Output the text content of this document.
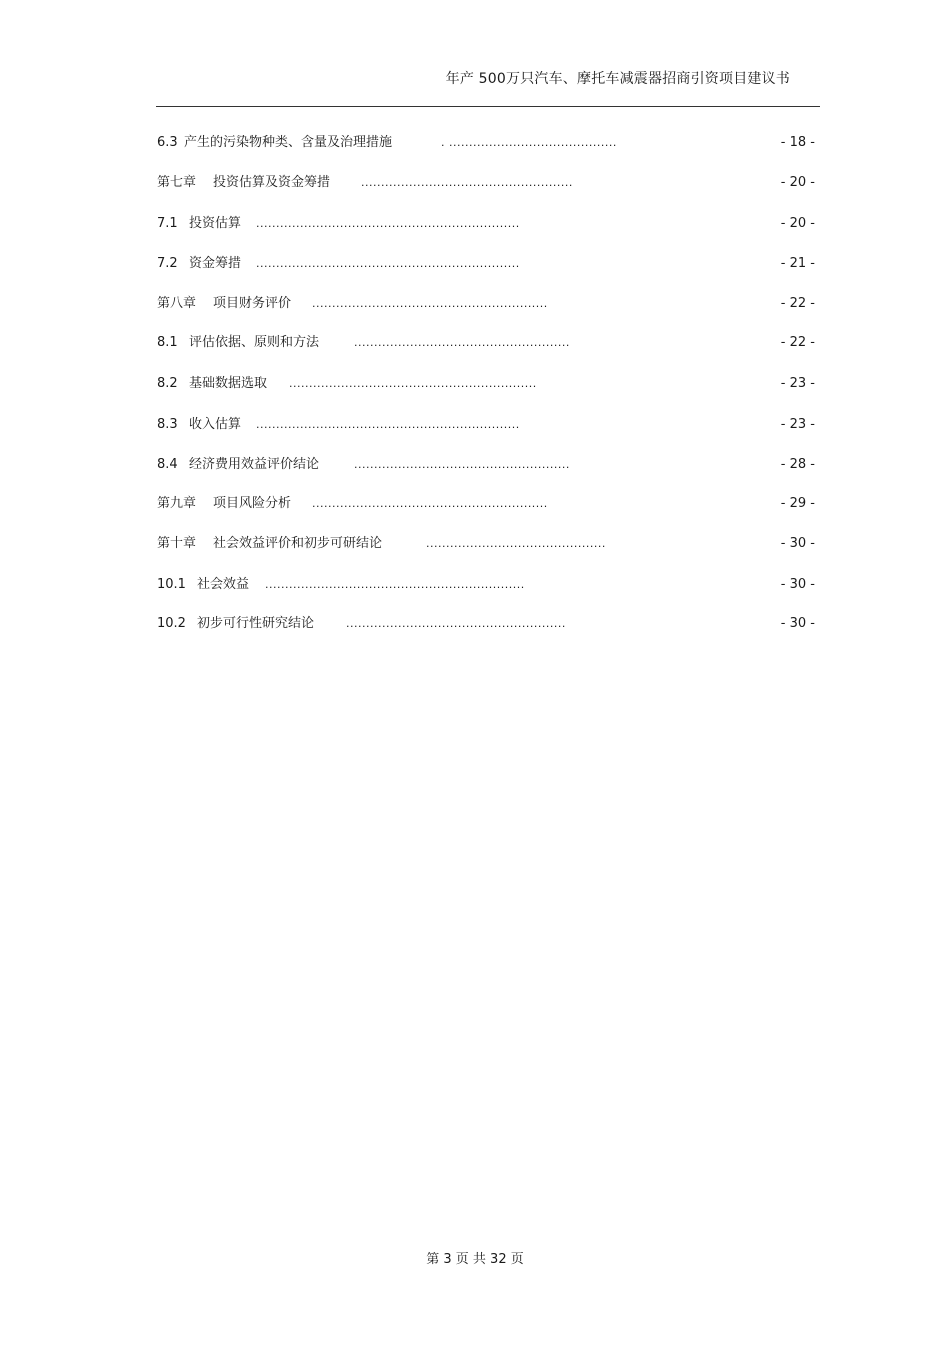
年产 500万只汽车、摩托车减震器招商引资项目建议书
6.3 产生的污染物种类、含量及治理措施	. ..........................................	- 18 -
第七章 投资估算及资金筹措	.....................................................	- 20 -
7.1 投资估算 ..................................................................	- 20 -
7.2 资金筹措 ..................................................................	- 21 -
第八章 项目财务评价 ...........................................................	- 22 -
8.1 评估依据、原则和方法	......................................................	- 22 -
8.2 基础数据选取 ..............................................................	- 23 -
8.3 收入估算 ..................................................................	- 23 -
8.4 经济费用效益评价结论	......................................................	- 28 -
第九章 项目风险分析 ...........................................................	- 29 -
第十章 社会效益评价和初步可研结论	.............................................	- 30 -
10.1 社会效益 .................................................................	- 30 -
10.2 初步可行性研究结论	.......................................................	- 30 -
第 3 页 共 32 页
